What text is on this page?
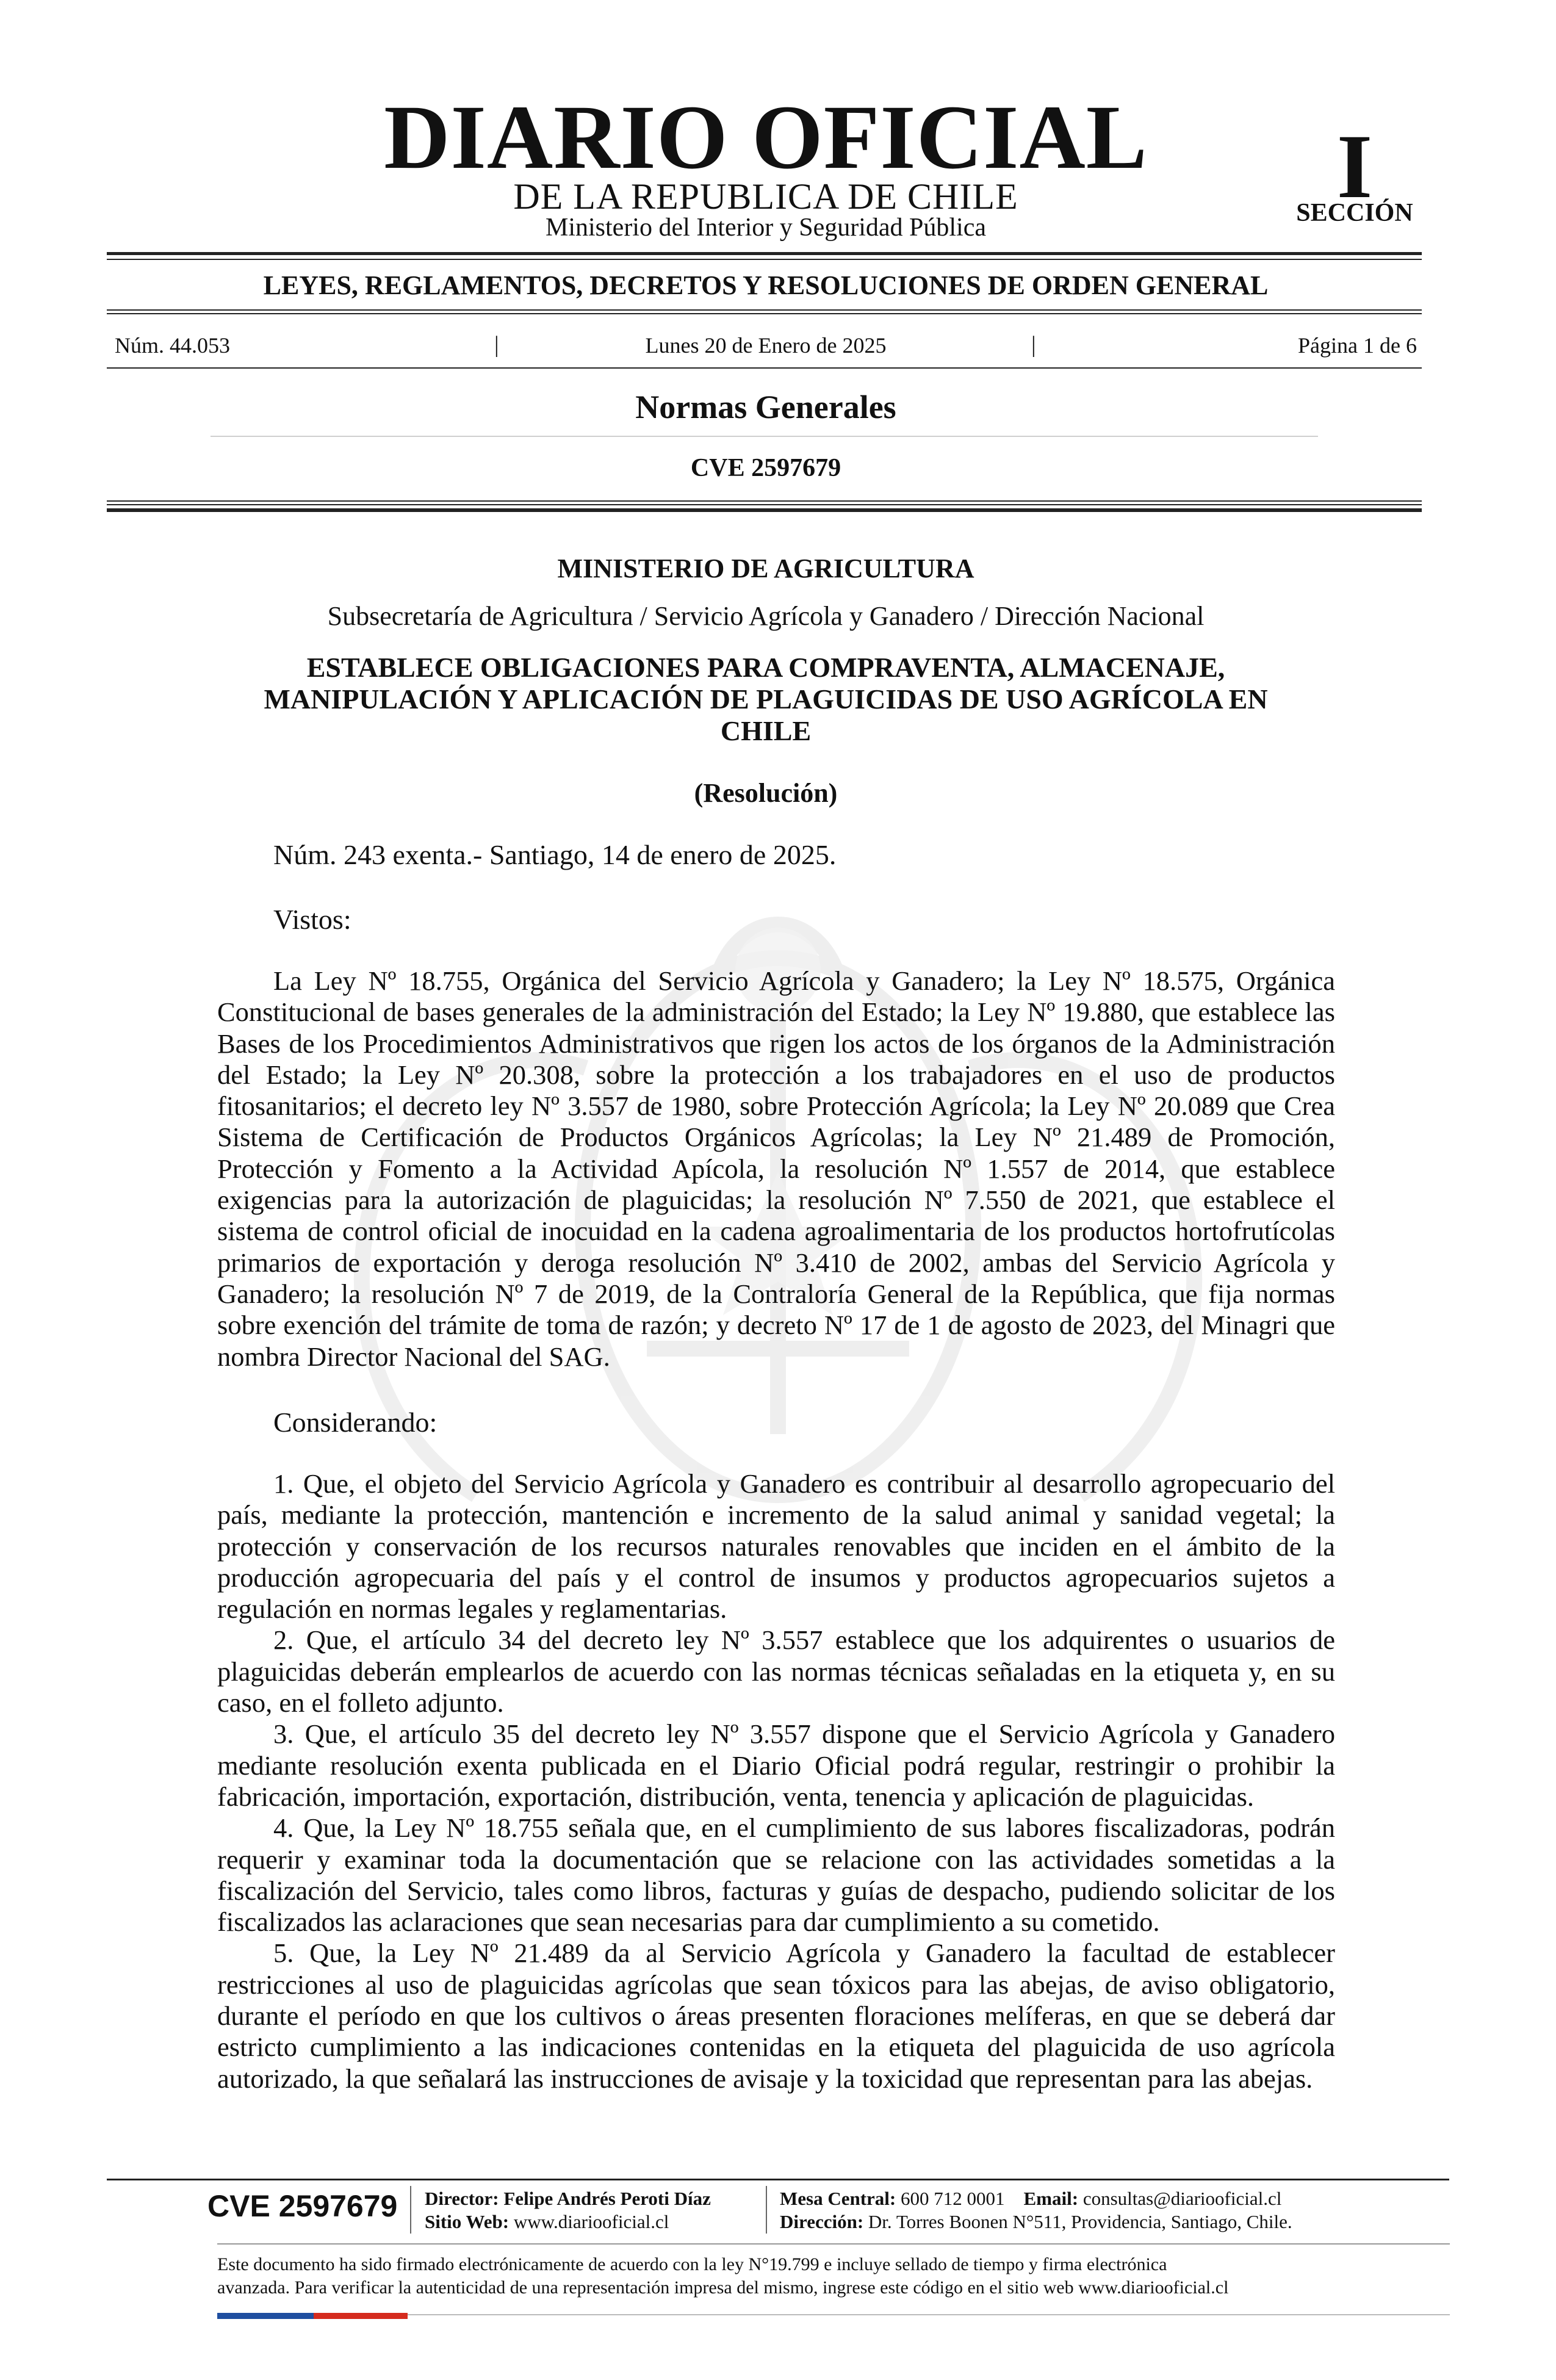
DIARIO OFICIAL
DE LA REPUBLICA DE CHILE
Ministerio del Interior y Seguridad Pública
I
SECCIÓN
LEYES, REGLAMENTOS, DECRETOS Y RESOLUCIONES DE ORDEN GENERAL
Núm. 44.053	|	Lunes 20 de Enero de 2025	|	Página 1 de 6
Normas Generales
CVE 2597679
MINISTERIO DE AGRICULTURA
Subsecretaría de Agricultura / Servicio Agrícola y Ganadero / Dirección Nacional
ESTABLECE OBLIGACIONES PARA COMPRAVENTA, ALMACENAJE,
MANIPULACIÓN Y APLICACIÓN DE PLAGUICIDAS DE USO AGRÍCOLA EN
CHILE
(Resolución)
Núm. 243 exenta.- Santiago, 14 de enero de 2025.
Vistos:

La Ley Nº 18.755, Orgánica del Servicio Agrícola y Ganadero; la Ley Nº 18.575, Orgánica Constitucional de bases generales de la administración del Estado; la Ley Nº 19.880, que establece las Bases de los Procedimientos Administrativos que rigen los actos de los órganos de la Administración del Estado; la Ley Nº 20.308, sobre la protección a los trabajadores en el uso de productos fitosanitarios; el decreto ley Nº 3.557 de 1980, sobre Protección Agrícola; la Ley Nº 20.089 que Crea Sistema de Certificación de Productos Orgánicos Agrícolas; la Ley Nº 21.489 de Promoción, Protección y Fomento a la Actividad Apícola, la resolución Nº 1.557 de 2014, que establece exigencias para la autorización de plaguicidas; la resolución Nº 7.550 de 2021, que establece el sistema de control oficial de inocuidad en la cadena agroalimentaria de los productos hortofrutícolas primarios de exportación y deroga resolución Nº 3.410 de 2002, ambas del Servicio Agrícola y Ganadero; la resolución Nº 7 de 2019, de la Contraloría General de la República, que fija normas sobre exención del trámite de toma de razón; y decreto Nº 17 de 1 de agosto de 2023, del Minagri que nombra Director Nacional del SAG.

Considerando:

1. Que, el objeto del Servicio Agrícola y Ganadero es contribuir al desarrollo agropecuario del país, mediante la protección, mantención e incremento de la salud animal y sanidad vegetal; la protección y conservación de los recursos naturales renovables que inciden en el ámbito de la producción agropecuaria del país y el control de insumos y productos agropecuarios sujetos a regulación en normas legales y reglamentarias.

2. Que, el artículo 34 del decreto ley Nº 3.557 establece que los adquirentes o usuarios de plaguicidas deberán emplearlos de acuerdo con las normas técnicas señaladas en la etiqueta y, en su caso, en el folleto adjunto.

3. Que, el artículo 35 del decreto ley Nº 3.557 dispone que el Servicio Agrícola y Ganadero mediante resolución exenta publicada en el Diario Oficial podrá regular, restringir o prohibir la fabricación, importación, exportación, distribución, venta, tenencia y aplicación de plaguicidas.

4. Que, la Ley Nº 18.755 señala que, en el cumplimiento de sus labores fiscalizadoras, podrán requerir y examinar toda la documentación que se relacione con las actividades sometidas a la fiscalización del Servicio, tales como libros, facturas y guías de despacho, pudiendo solicitar de los fiscalizados las aclaraciones que sean necesarias para dar cumplimiento a su cometido.

5. Que, la Ley Nº 21.489 da al Servicio Agrícola y Ganadero la facultad de establecer restricciones al uso de plaguicidas agrícolas que sean tóxicos para las abejas, de aviso obligatorio, durante el período en que los cultivos o áreas presenten floraciones melíferas, en que se deberá dar estricto cumplimiento a las indicaciones contenidas en la etiqueta del plaguicida de uso agrícola autorizado, la que señalará las instrucciones de avisaje y la toxicidad que representan para las abejas.

CVE 2597679 Director: Felipe Andrés Peroti Díaz
Sitio Web: www.diariooficial.cl
Mesa Central: 600 712 0001 Email: consultas@diariooficial.cl
Dirección: Dr. Torres Boonen N°511, Providencia, Santiago, Chile.
Este documento ha sido firmado electrónicamente de acuerdo con la ley N°19.799 e incluye sellado de tiempo y firma electrónica
avanzada. Para verificar la autenticidad de una representación impresa del mismo, ingrese este código en el sitio web www.diariooficial.cl
